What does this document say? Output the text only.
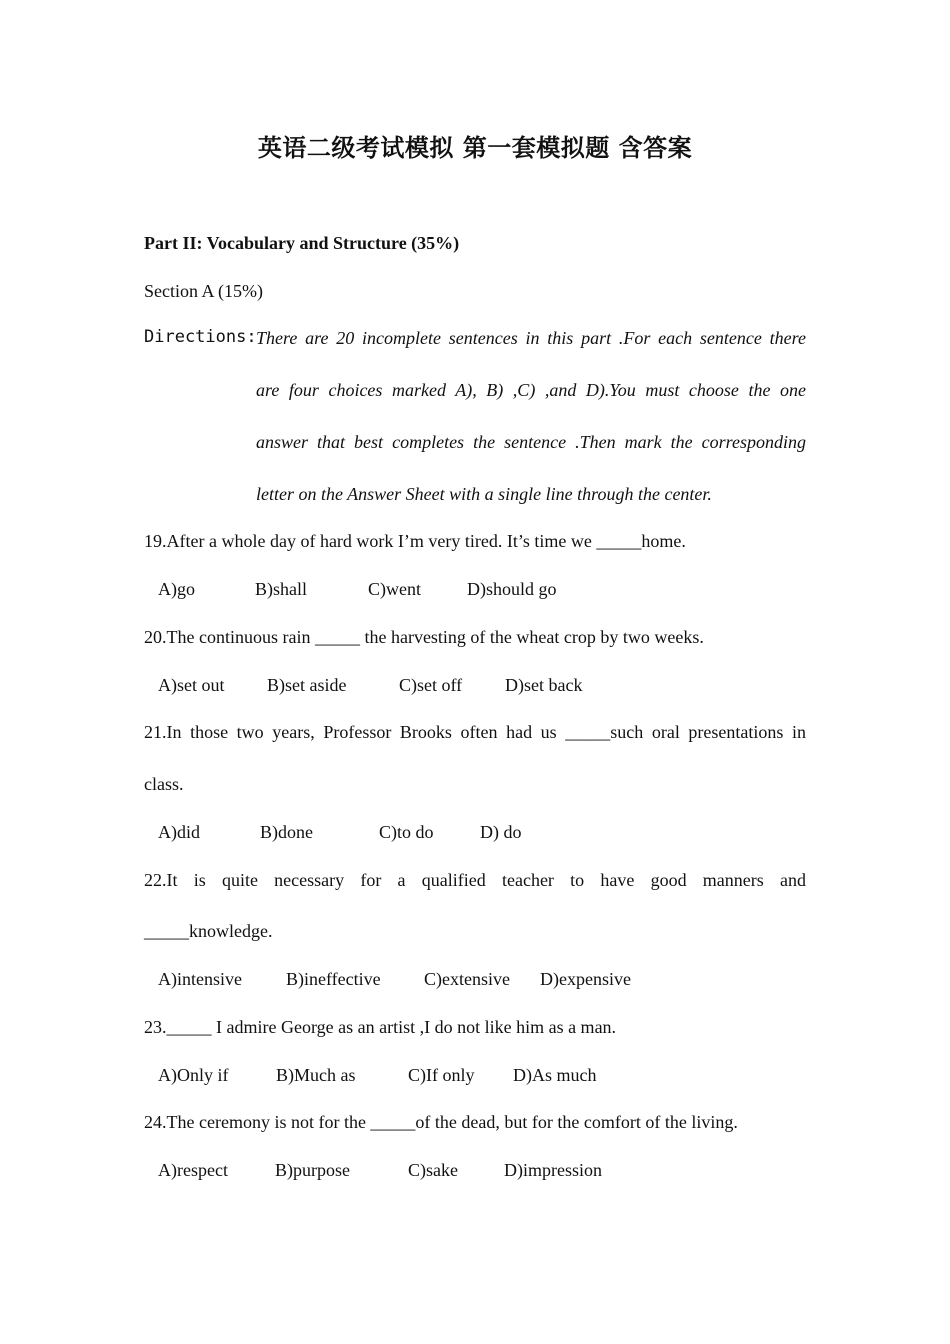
英语二级考试模拟 第一套模拟题 含答案
Part II: Vocabulary and Structure (35%)
Section A (15%)
Directions: There are 20 incomplete sentences in this part .For each sentence there
are four choices marked A), B) ,C) ,and D).You must choose the one
answer that best completes the sentence .Then mark the corresponding
letter on the Answer Sheet with a single line through the center.
19.After a whole day of hard work I’m very tired. It’s time we _____home.
A)go	B)shall	C)went	D)should go
20.The continuous rain _____ the harvesting of the wheat crop by two weeks.
A)set out B)set aside	C)set off D)set back
21.In those two years, Professor Brooks often had us _____such oral presentations in
class.
A)did	B)done	C)to do	D) do
22.It is quite necessary for a qualified teacher to have good manners and
_____knowledge.
A)intensive B)ineffective C)extensive D)expensive
23._____ I admire George as an artist ,I do not like him as a man.
A)Only if	B)Much as	C)If only D)As much
24.The ceremony is not for the _____of the dead, but for the comfort of the living.
A)respect	B)purpose	C)sake	D)impression
